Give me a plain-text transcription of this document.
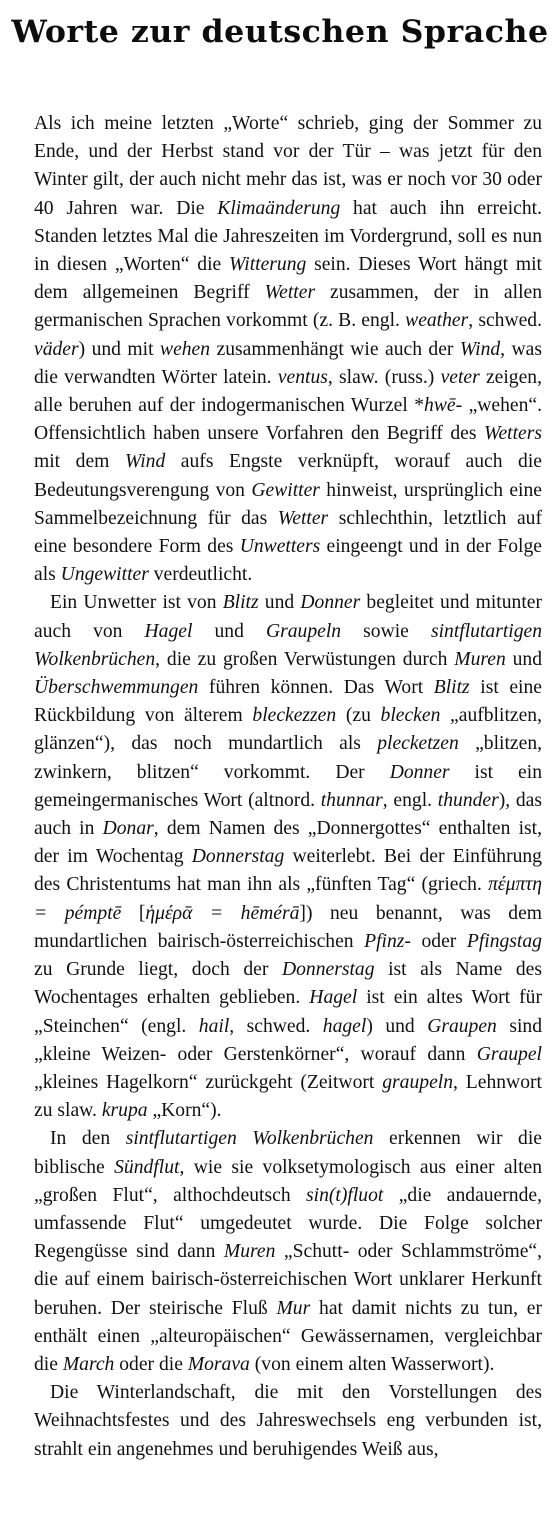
Worte zur deutschen Sprache

Als ich meine letzten „Worte“ schrieb, ging der Sommer zu Ende, und der Herbst stand vor der Tür – was jetzt für den Winter gilt, der auch nicht mehr das ist, was er noch vor 30 oder 40 Jahren war. Die Klimaänderung hat auch ihn erreicht. Standen letztes Mal die Jahreszeiten im Vordergrund, soll es nun in diesen „Worten“ die Witterung sein. Dieses Wort hängt mit dem allgemeinen Begriff Wetter zusammen, der in allen germanischen Sprachen vorkommt (z. B. engl. weather, schwed. väder) und mit wehen zusammenhängt wie auch der Wind, was die verwandten Wörter latein. ventus, slaw. (russ.) veter zeigen, alle beruhen auf der indogermanischen Wurzel *hwē- „wehen“. Offensichtlich haben unsere Vorfahren den Begriff des Wetters mit dem Wind aufs Engste verknüpft, worauf auch die Bedeutungsverengung von Gewitter hinweist, ursprünglich eine Sammelbezeichnung für das Wetter schlechthin, letztlich auf eine besondere Form des Unwetters eingeengt und in der Folge als Ungewitter verdeutlicht.

Ein Unwetter ist von Blitz und Donner begleitet und mitunter auch von Hagel und Graupeln sowie sintflutartigen Wolkenbrüchen, die zu großen Verwüstungen durch Muren und Überschwemmungen führen können. Das Wort Blitz ist eine Rückbildung von älterem bleckezzen (zu blecken „aufblitzen, glänzen“), das noch mundartlich als plecketzen „blitzen, zwinkern, blitzen“ vorkommt. Der Donner ist ein gemeingermanisches Wort (altnord. thunnar, engl. thunder), das auch in Donar, dem Namen des „Donnergottes“ enthalten ist, der im Wochentag Donnerstag weiterlebt. Bei der Einführung des Christentums hat man ihn als „fünften Tag“ (griech. πέμπτη = pémptē [ἡμέρᾱ = hēmérā]) neu benannt, was dem mundartlichen bairisch-österreichischen Pfinz- oder Pfingstag zu Grunde liegt, doch der Donnerstag ist als Name des Wochentages erhalten geblieben. Hagel ist ein altes Wort für „Steinchen“ (engl. hail, schwed. hagel) und Graupen sind „kleine Weizen- oder Gerstenkörner“, worauf dann Graupel „kleines Hagelkorn“ zurückgeht (Zeitwort graupeln, Lehnwort zu slaw. krupa „Korn“).

In den sintflutartigen Wolkenbrüchen erkennen wir die biblische Sündflut, wie sie volksetymologisch aus einer alten „großen Flut“, althochdeutsch sin(t)fluot „die andauernde, umfassende Flut“ umgedeutet wurde. Die Folge solcher Regengüsse sind dann Muren „Schutt- oder Schlammströme“, die auf einem bairisch-österreichischen Wort unklarer Herkunft beruhen. Der steirische Fluß Mur hat damit nichts zu tun, er enthält einen „alteuropäischen“ Gewässernamen, vergleichbar die March oder die Morava (von einem alten Wasserwort).

Die Winterlandschaft, die mit den Vorstellungen des Weihnachtsfestes und des Jahreswechsels eng verbunden ist, strahlt ein angenehmes und beruhigendes Weiß aus,
